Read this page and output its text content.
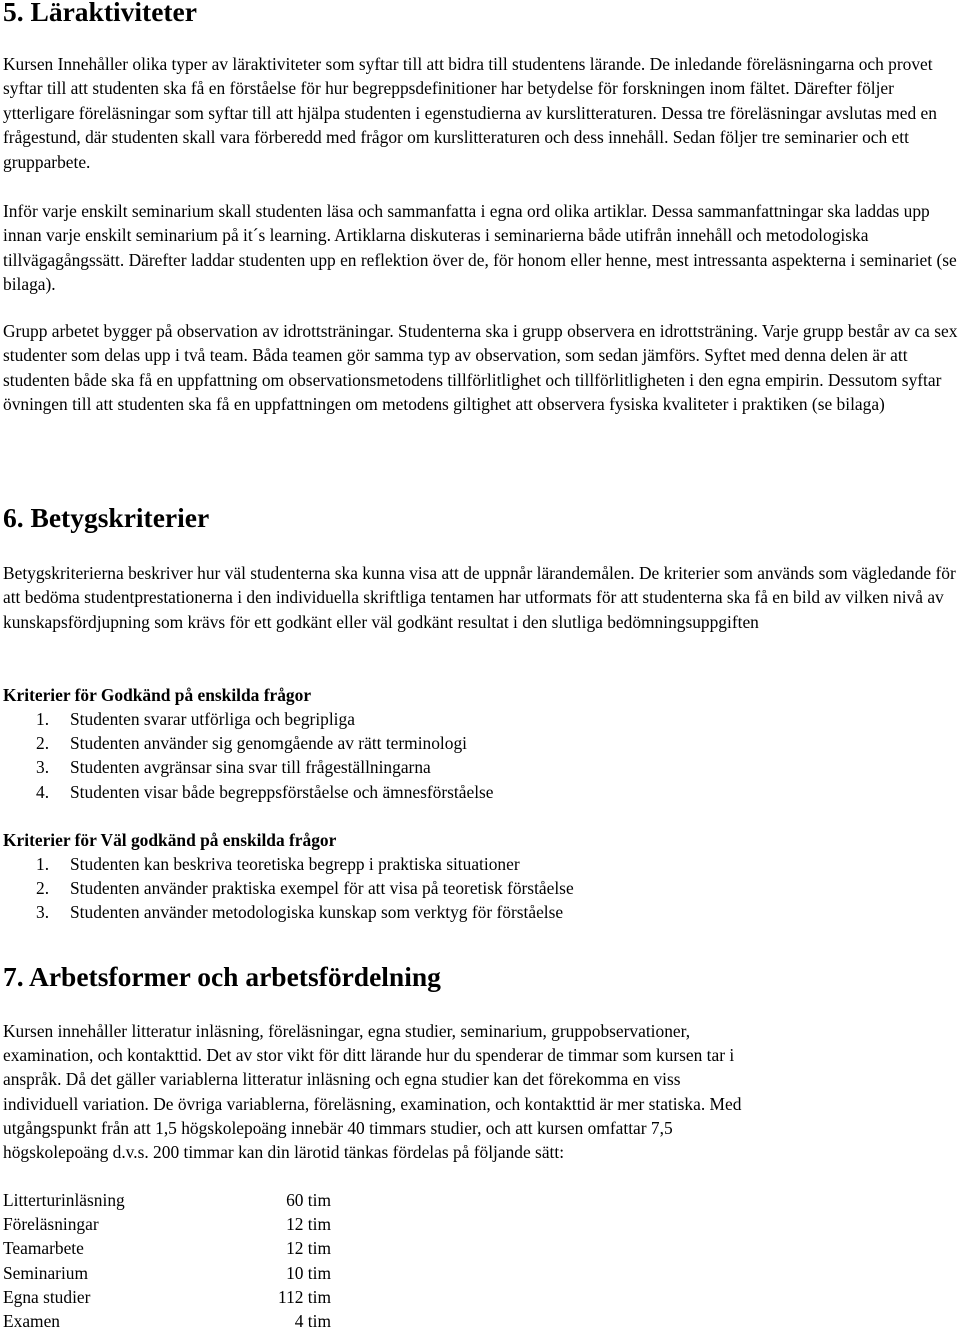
5. Läraktiviteter

Kursen Innehåller olika typer av läraktiviteter som syftar till att bidra till studentens lärande. De inledande föreläsningarna och provet syftar till att studenten ska få en förståelse för hur begreppsdefinitioner har betydelse för forskningen inom fältet. Därefter följer ytterligare föreläsningar som syftar till att hjälpa studenten i egenstudierna av kurslitteraturen. Dessa tre föreläsningar avslutas med en frågestund, där studenten skall vara förberedd med frågor om kurslitteraturen och dess innehåll. Sedan följer tre seminarier och ett grupparbete.

Inför varje enskilt seminarium skall studenten läsa och sammanfatta i egna ord olika artiklar. Dessa sammanfattningar ska laddas upp innan varje enskilt seminarium på it´s learning. Artiklarna diskuteras i seminarierna både utifrån innehåll och metodologiska tillvägagångssätt. Därefter laddar studenten upp en reflektion över de, för honom eller henne, mest intressanta aspekterna i seminariet (se bilaga).

Grupp arbetet bygger på observation av idrottsträningar. Studenterna ska i grupp observera en idrottsträning. Varje grupp består av ca sex studenter som delas upp i två team. Båda teamen gör samma typ av observation, som sedan jämförs. Syftet med denna delen är att studenten både ska få en uppfattning om observationsmetodens tillförlitlighet och tillförlitligheten i den egna empirin. Dessutom syftar övningen till att studenten ska få en uppfattningen om metodens giltighet att observera fysiska kvaliteter i praktiken (se bilaga)

6. Betygskriterier

Betygskriterierna beskriver hur väl studenterna ska kunna visa att de uppnår lärandemålen. De kriterier som används som vägledande för att bedöma studentprestationerna i den individuella skriftliga tentamen har utformats för att studenterna ska få en bild av vilken nivå av kunskapsfördjupning som krävs för ett godkänt eller väl godkänt resultat i den slutliga bedömningsuppgiften

Kriterier för Godkänd på enskilda frågor
1. Studenten svarar utförliga och begripliga
2. Studenten använder sig genomgående av rätt terminologi
3. Studenten avgränsar sina svar till frågeställningarna
4. Studenten visar både begreppsförståelse och ämnesförståelse
Kriterier för Väl godkänd på enskilda frågor
1. Studenten kan beskriva teoretiska begrepp i praktiska situationer
2. Studenten använder praktiska exempel för att visa på teoretisk förståelse
3. Studenten använder metodologiska kunskap som verktyg för förståelse
7. Arbetsformer och arbetsfördelning
Kursen innehåller litteratur inläsning, föreläsningar, egna studier, seminarium, gruppobservationer,
examination, och kontakttid. Det av stor vikt för ditt lärande hur du spenderar de timmar som kursen tar i
anspråk. Då det gäller variablerna litteratur inläsning och egna studier kan det förekomma en viss
individuell variation. De övriga variablerna, föreläsning, examination, och kontakttid är mer statiska. Med
utgångspunkt från att 1,5 högskolepoäng innebär 40 timmars studier, och att kursen omfattar 7,5
högskolepoäng d.v.s. 200 timmar kan din lärotid tänkas fördelas på följande sätt:
Litterturinläsning	60 tim
Föreläsningar	12 tim
Teamarbete	12 tim
Seminarium	10 tim
Egna studier	112 tim
Examen	4 tim
